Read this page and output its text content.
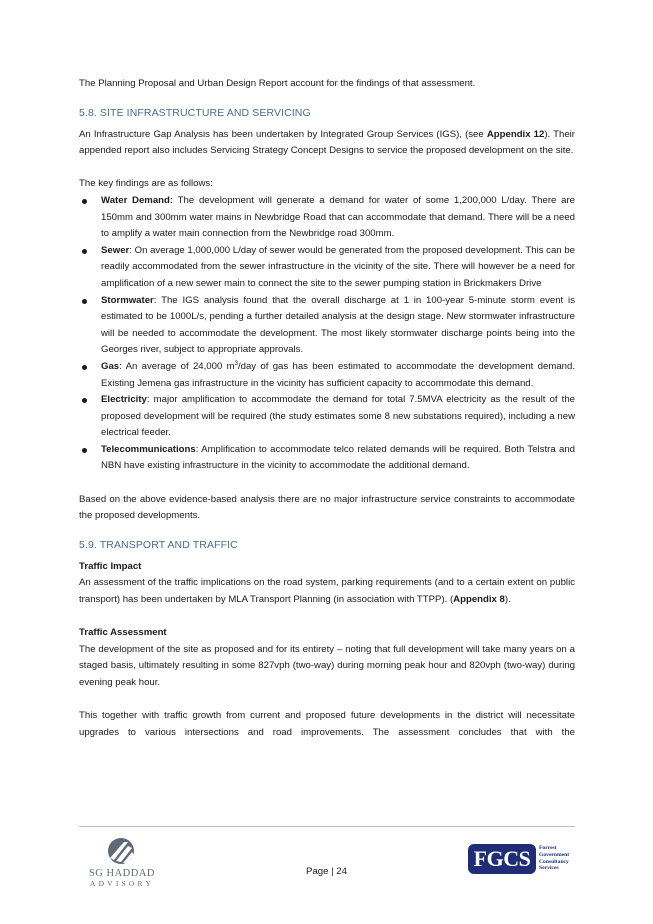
The Planning Proposal and Urban Design Report account for the findings of that assessment.

5.8. SITE INFRASTRUCTURE AND SERVICING

An Infrastructure Gap Analysis has been undertaken by Integrated Group Services (IGS), (see Appendix 12). Their appended report also includes Servicing Strategy Concept Designs to service the proposed development on the site.

The key findings are as follows:

Water Demand: The development will generate a demand for water of some 1,200,000 L/day. There are 150mm and 300mm water mains in Newbridge Road that can accommodate that demand. There will be a need to amplify a water main connection from the Newbridge road 300mm.
Sewer: On average 1,000,000 L/day of sewer would be generated from the proposed development. This can be readily accommodated from the sewer infrastructure in the vicinity of the site. There will however be a need for amplification of a new sewer main to connect the site to the sewer pumping station in Brickmakers Drive
Stormwater: The IGS analysis found that the overall discharge at 1 in 100-year 5-minute storm event is estimated to be 1000L/s, pending a further detailed analysis at the design stage. New stormwater infrastructure will be needed to accommodate the development. The most likely stormwater discharge points being into the Georges river, subject to appropriate approvals.
Gas: An average of 24,000 $m^3$/day of gas has been estimated to accommodate the development demand. Existing Jemena gas infrastructure in the vicinity has sufficient capacity to accommodate this demand.
Electricity: major amplification to accommodate the demand for total 7.5MVA electricity as the result of the proposed development will be required (the study estimates some 8 new substations required), including a new electrical feeder.
Telecommunications: Amplification to accommodate telco related demands will be required. Both Telstra and NBN have existing infrastructure in the vicinity to accommodate the additional demand.

Based on the above evidence-based analysis there are no major infrastructure service constraints to accommodate the proposed developments.

5.9. TRANSPORT AND TRAFFIC
Traffic Impact

An assessment of the traffic implications on the road system, parking requirements (and to a certain extent on public transport) has been undertaken by MLA Transport Planning (in association with TTPP). (Appendix 8).

Traffic Assessment

The development of the site as proposed and for its entirety – noting that full development will take many years on a staged basis, ultimately resulting in some 827vph (two-way) during morning peak hour and 820vph (two-way) during evening peak hour.

This together with traffic growth from current and proposed future developments in the district will necessitate upgrades to various intersections and road improvements. The assessment concludes that with the

SG HADDAD
ADVISORY
Page | 24
FGCS	Forrest
Government
Consultancy
Services
